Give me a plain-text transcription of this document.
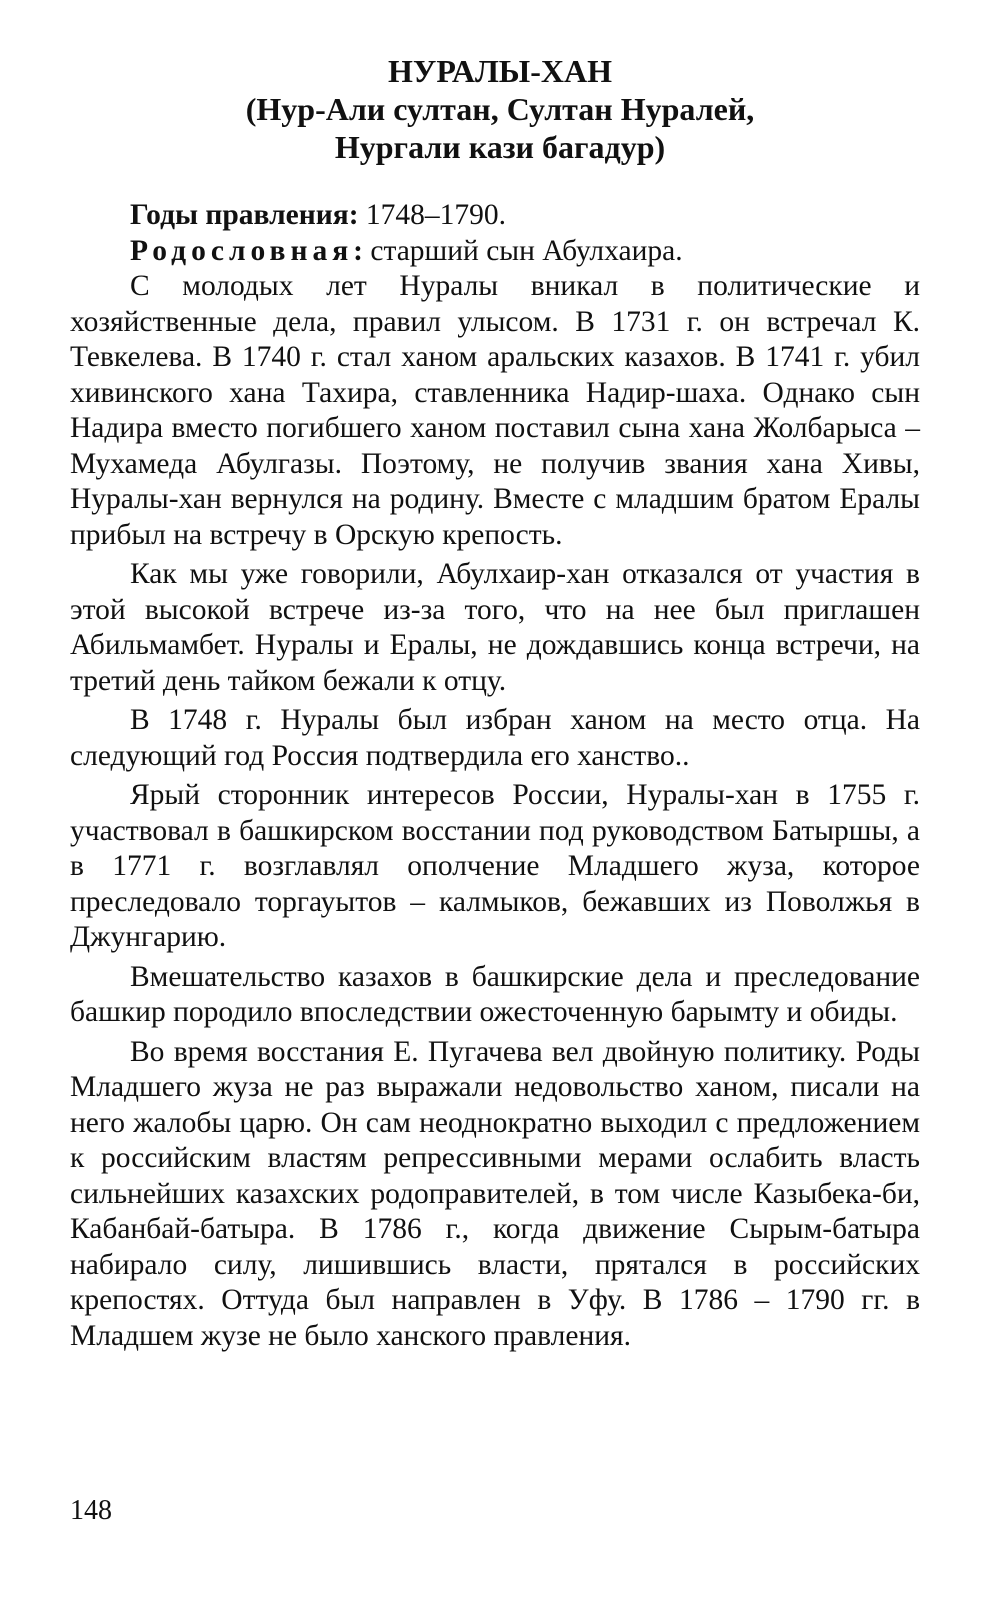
НУРАЛЫ-ХАН
(Нур-Али султан, Султан Нуралей,
Нургали кази багадур)

Годы правления: 1748–1790.

Родословная: старший сын Абулхаира.

С молодых лет Нуралы вникал в политические и хозяйственные дела, правил улысом. В 1731 г. он встречал К. Тевкелева. В 1740 г. стал ханом аральских казахов. В 1741 г. убил хивинского хана Тахира, ставленника Надир-шаха. Однако сын Надира вместо погибшего ханом поставил сына хана Жолбарыса – Мухамеда Абулгазы. Поэтому, не получив звания хана Хивы, Нуралы-хан вернулся на родину. Вместе с младшим братом Ералы прибыл на встречу в Орскую крепость.

Как мы уже говорили, Абулхаир-хан отказался от участия в этой высокой встрече из-за того, что на нее был приглашен Абильмамбет. Нуралы и Ералы, не дождавшись конца встречи, на третий день тайком бежали к отцу.

В 1748 г. Нуралы был избран ханом на место отца. На следующий год Россия подтвердила его ханство..

Ярый сторонник интересов России, Нуралы-хан в 1755 г. участвовал в башкирском восстании под руководством Батыршы, а в 1771 г. возглавлял ополчение Младшего жуза, которое преследовало торгауытов – калмыков, бежавших из Поволжья в Джунгарию.

Вмешательство казахов в башкирские дела и преследование башкир породило впоследствии ожесточенную барымту и обиды.

Во время восстания Е. Пугачева вел двойную политику. Роды Младшего жуза не раз выражали недовольство ханом, писали на него жалобы царю. Он сам неоднократно выходил с предложением к российским властям репрессивными мерами ослабить власть сильнейших казахских родоправителей, в том числе Казыбека-би, Кабанбай-батыра. В 1786 г., когда движение Сырым-батыра набирало силу, лишившись власти, прятался в российских крепостях. Оттуда был направлен в Уфу. В 1786 – 1790 гг. в Младшем жузе не было ханского правления.

148
